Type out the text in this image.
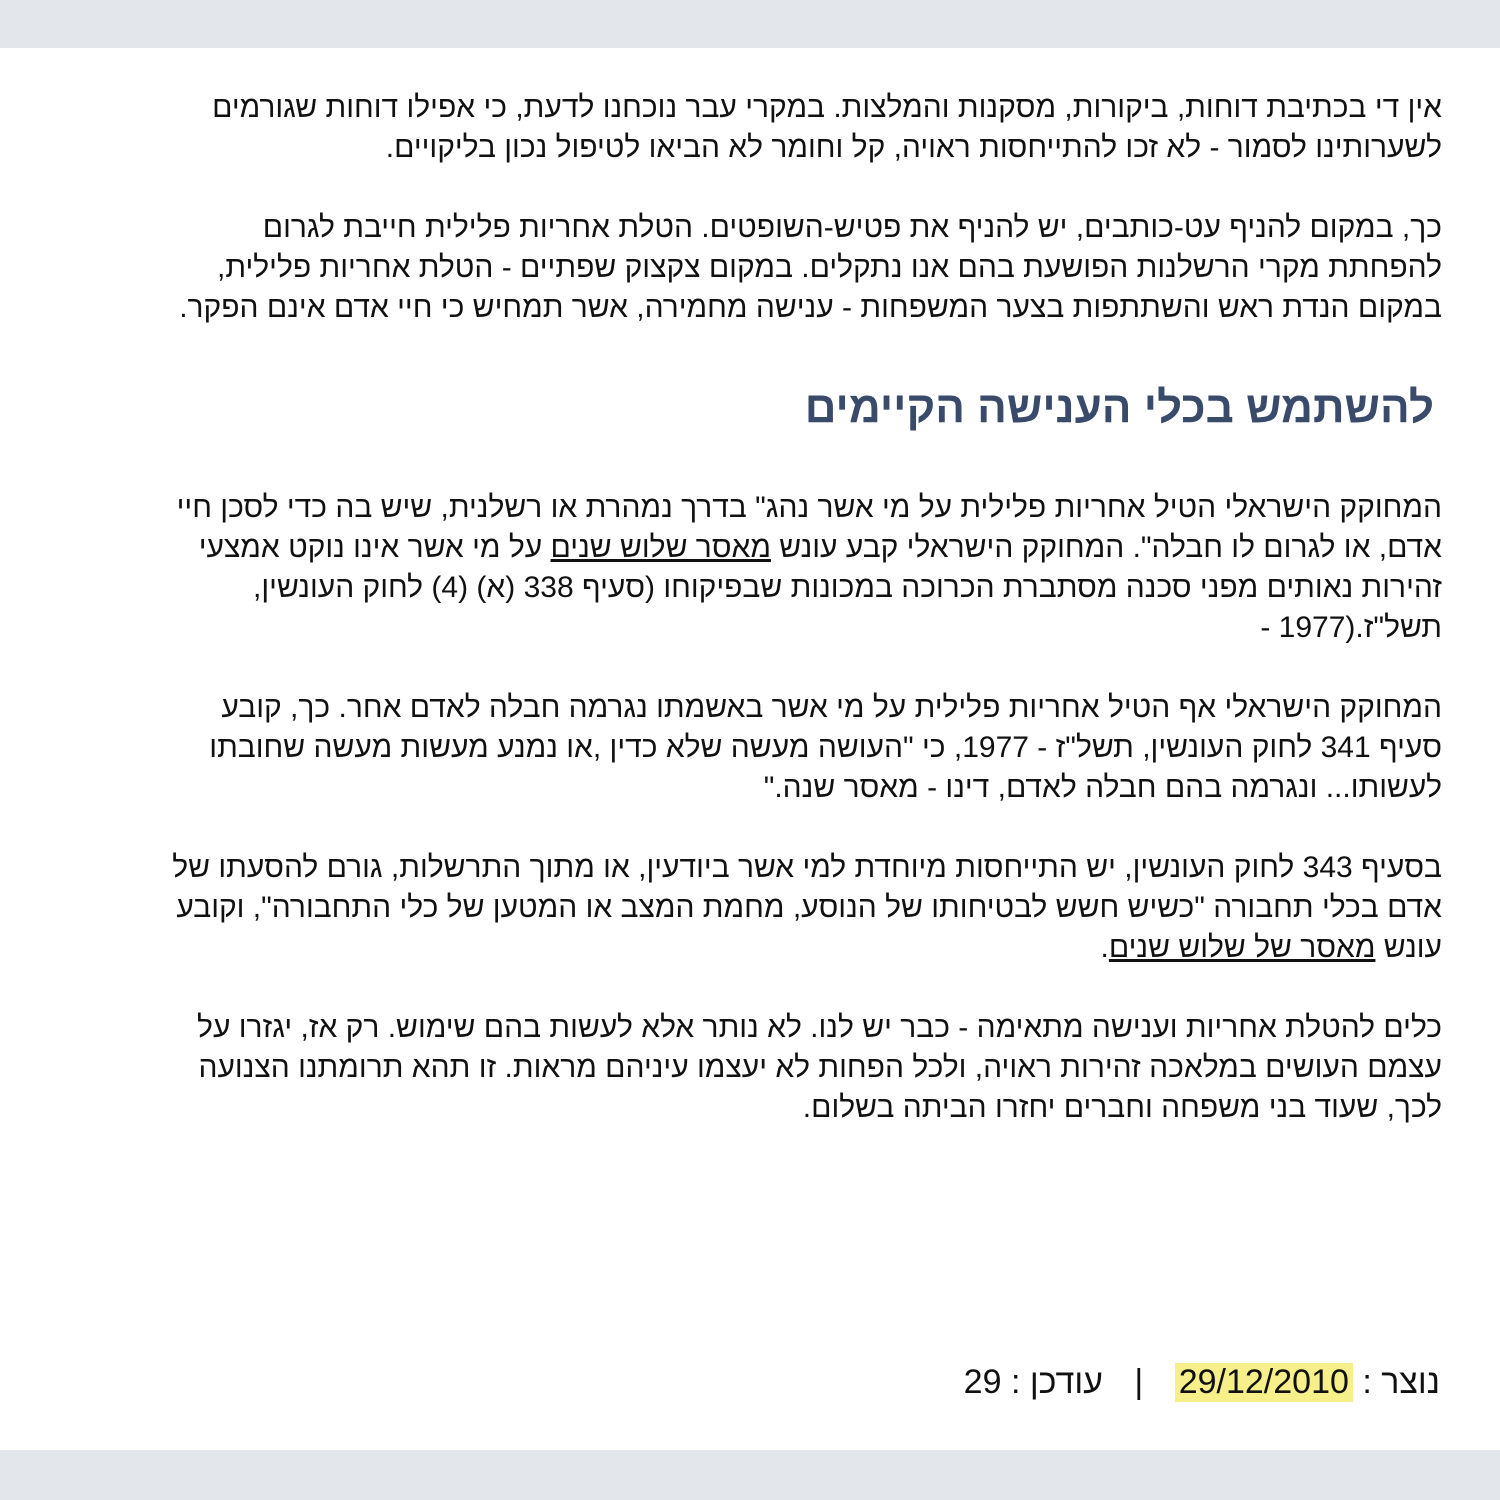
אין די בכתיבת דוחות, ביקורות, מסקנות והמלצות. במקרי עבר נוכחנו לדעת, כי אפילו דוחות שגורמים
לשערותינו לסמור - לא זכו להתייחסות ראויה, קל וחומר לא הביאו לטיפול נכון בליקויים.

כך, במקום להניף עט-כותבים, יש להניף את פטיש-השופטים. הטלת אחריות פלילית חייבת לגרום
להפחתת מקרי הרשלנות הפושעת בהם אנו נתקלים. במקום צקצוק שפתיים - הטלת אחריות פלילית,
במקום הנדת ראש והשתתפות בצער המשפחות - ענישה מחמירה, אשר תמחיש כי חיי אדם אינם הפקר.

להשתמש בכלי הענישה הקיימים

המחוקק הישראלי הטיל אחריות פלילית על מי אשר נהג" בדרך נמהרת או רשלנית, שיש בה כדי לסכן חיי
אדם, או לגרום לו חבלה". המחוקק הישראלי קבע עונש מאסר שלוש שנים על מי אשר אינו נוקט אמצעי
זהירות נאותים מפני סכנה מסתברת הכרוכה במכונות שבפיקוחו (סעיף 338 (א) (4) לחוק העונשין,
תשל"ז.(1977 -

המחוקק הישראלי אף הטיל אחריות פלילית על מי אשר באשמתו נגרמה חבלה לאדם אחר. כך, קובע
סעיף 341 לחוק העונשין, תשל"ז - 1977, כי "העושה מעשה שלא כדין ,או נמנע מעשות מעשה שחובתו
לעשותו... ונגרמה בהם חבלה לאדם, דינו - מאסר שנה."

בסעיף 343 לחוק העונשין, יש התייחסות מיוחדת למי אשר ביודעין, או מתוך התרשלות, גורם להסעתו של
אדם בכלי תחבורה "כשיש חשש לבטיחותו של הנוסע, מחמת המצב או המטען של כלי התחבורה", וקובע
עונש מאסר של שלוש שנים.

כלים להטלת אחריות וענישה מתאימה - כבר יש לנו. לא נותר אלא לעשות בהם שימוש. רק אז, יגזרו על
עצמם העושים במלאכה זהירות ראויה, ולכל הפחות לא יעצמו עיניהם מראות. זו תהא תרומתנו הצנועה
לכך, שעוד בני משפחה וחברים יחזרו הביתה בשלום.

נוצר : 29/12/2010 | עודכן : 29
